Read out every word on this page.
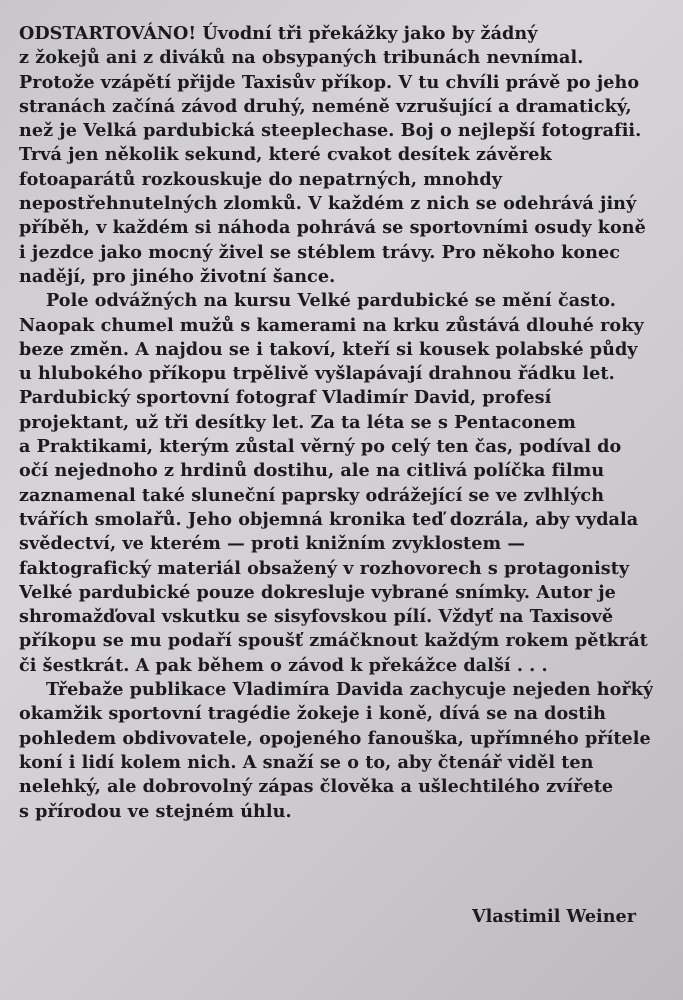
ODSTARTOVÁNO! Úvodní tři překážky jako by žádný
z žokejů ani z diváků na obsypaných tribunách nevnímal.
Protože vzápětí přijde Taxisův příkop. V tu chvíli právě po jeho
stranách začíná závod druhý, neméně vzrušující a dramatický,
než je Velká pardubická steeplechase. Boj o nejlepší fotografii.
Trvá jen několik sekund, které cvakot desítek závěrek
fotoaparátů rozkouskuje do nepatrných, mnohdy
nepostřehnutelných zlomků. V každém z nich se odehrává jiný
příběh, v každém si náhoda pohrává se sportovními osudy koně
i jezdce jako mocný živel se stéblem trávy. Pro někoho konec
nadějí, pro jiného životní šance.
Pole odvážných na kursu Velké pardubické se mění často.
Naopak chumel mužů s kamerami na krku zůstává dlouhé roky
beze změn. A najdou se i takoví, kteří si kousek polabské půdy
u hlubokého příkopu trpělivě vyšlapávají drahnou řádku let.
Pardubický sportovní fotograf Vladimír David, profesí
projektant, už tři desítky let. Za ta léta se s Pentaconem
a Praktikami, kterým zůstal věrný po celý ten čas, podíval do
očí nejednoho z hrdinů dostihu, ale na citlivá políčka filmu
zaznamenal také sluneční paprsky odrážející se ve zvlhlých
tvářích smolařů. Jeho objemná kronika teď dozrála, aby vydala
svědectví, ve kterém — proti knižním zvyklostem —
faktografický materiál obsažený v rozhovorech s protagonisty
Velké pardubické pouze dokresluje vybrané snímky. Autor je
shromažďoval vskutku se sisyfovskou pílí. Vždyť na Taxisově
příkopu se mu podaří spoušť zmáčknout každým rokem pětkrát
či šestkrát. A pak během o závod k překážce další . . .
Třebaže publikace Vladimíra Davida zachycuje nejeden hořký
okamžik sportovní tragédie žokeje i koně, dívá se na dostih
pohledem obdivovatele, opojeného fanouška, upřímného přítele
koní i lidí kolem nich. A snaží se o to, aby čtenář viděl ten
nelehký, ale dobrovolný zápas člověka a ušlechtilého zvířete
s přírodou ve stejném úhlu.
Vlastimil Weiner
